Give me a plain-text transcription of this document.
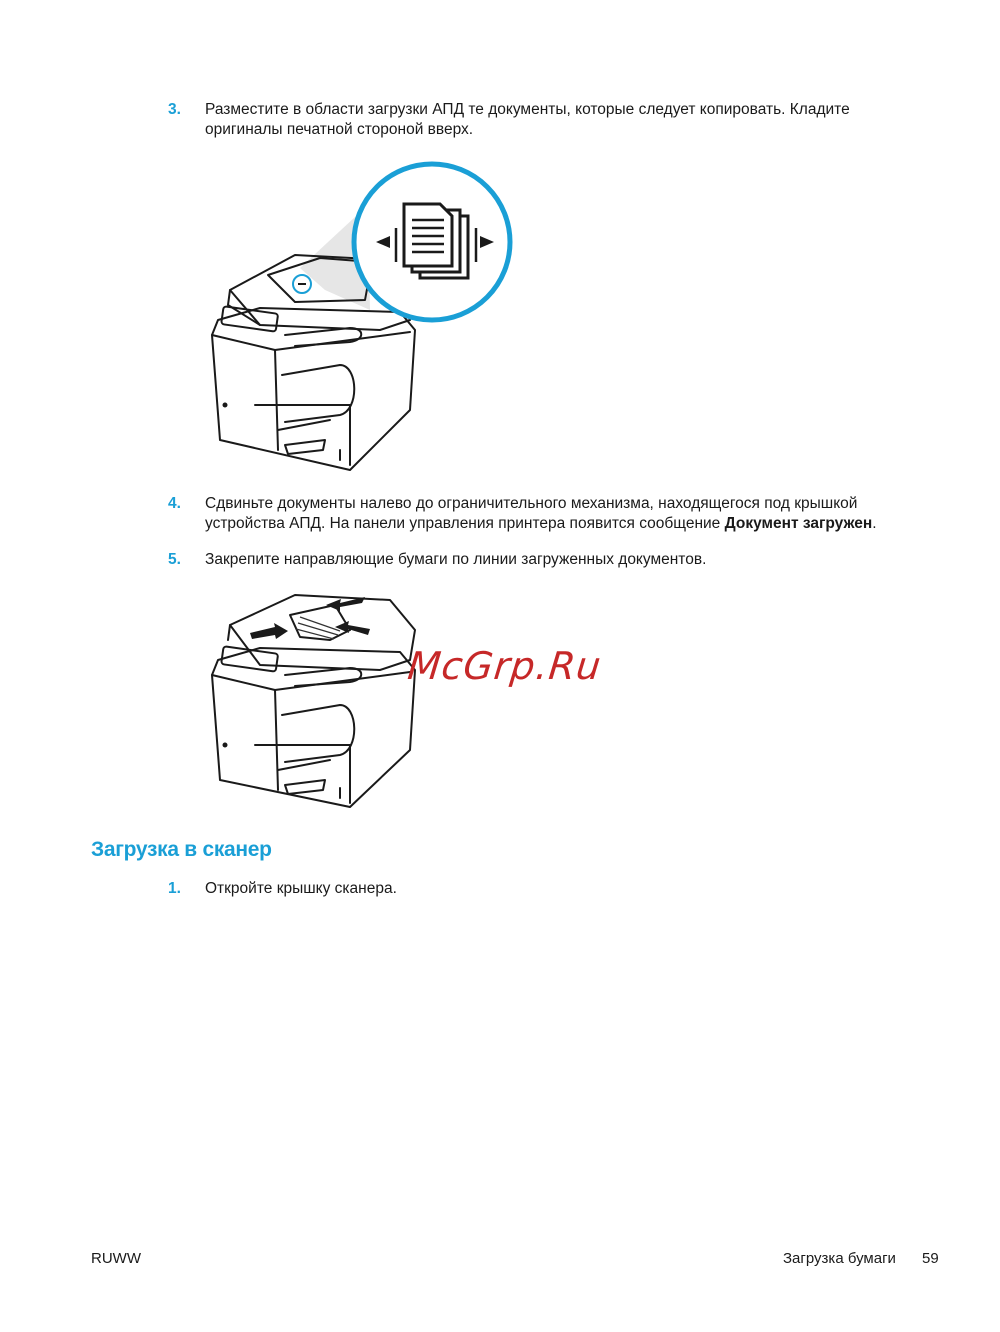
3. Разместите в области загрузки АПД те документы, которые следует копировать. Кладите
оригиналы печатной стороной вверх.
4. Сдвиньте документы налево до ограничительного механизма, находящегося под крышкой
устройства АПД. На панели управления принтера появится сообщение Документ загружен.
5. Закрепите направляющие бумаги по линии загруженных документов.
McGrp.Ru
Загрузка в сканер
1. Откройте крышку сканера.
RUWW	Загрузка бумаги 59
